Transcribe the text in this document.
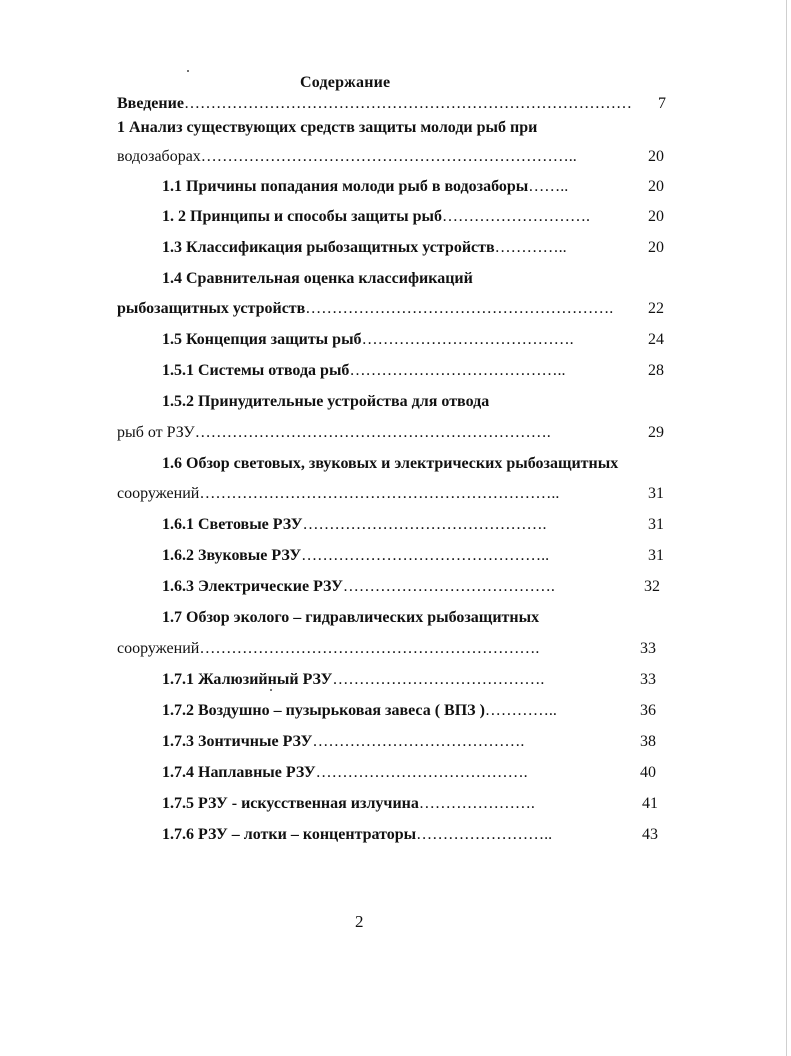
Содержание
Введение…………………………………………………………………………	7
1 Анализ существующих средств защиты молоди рыб при
водозаборах……………………………………………………………..	20
1.1 Причины попадания молоди рыб в водозаборы……..	20
1. 2 Принципы и способы защиты рыб……………………….	20
1.3 Классификация рыбозащитных устройств…………..	20
1.4 Сравнительная оценка классификаций
рыбозащитных устройств………………………………………………….	22
1.5 Концепция защиты рыб………………………………….	24
1.5.1 Системы отвода рыб…………………………………..	28
1.5.2 Принудительные устройства для отвода
рыб от РЗУ………………………………………………………….	29
1.6 Обзор световых, звуковых и электрических рыбозащитных
сооружений…………………………………………………………..	31
1.6.1 Световые РЗУ……………………………………….	31
1.6.2 Звуковые РЗУ………………………………………..	31
1.6.3 Электрические РЗУ………………………………….	32
1.7 Обзор эколого – гидравлических рыбозащитных
сооружений……………………………………………………….	33
1.7.1 Жалюзийный РЗУ………………………………….	33
1.7.2 Воздушно – пузырьковая завеса ( ВПЗ )…………..	36
1.7.3 Зонтичные РЗУ………………………………….	38
1.7.4 Наплавные РЗУ………………………………….	40
1.7.5 РЗУ - искусственная излучина………………….	41
1.7.6 РЗУ – лотки – концентраторы……………………..	43
2
